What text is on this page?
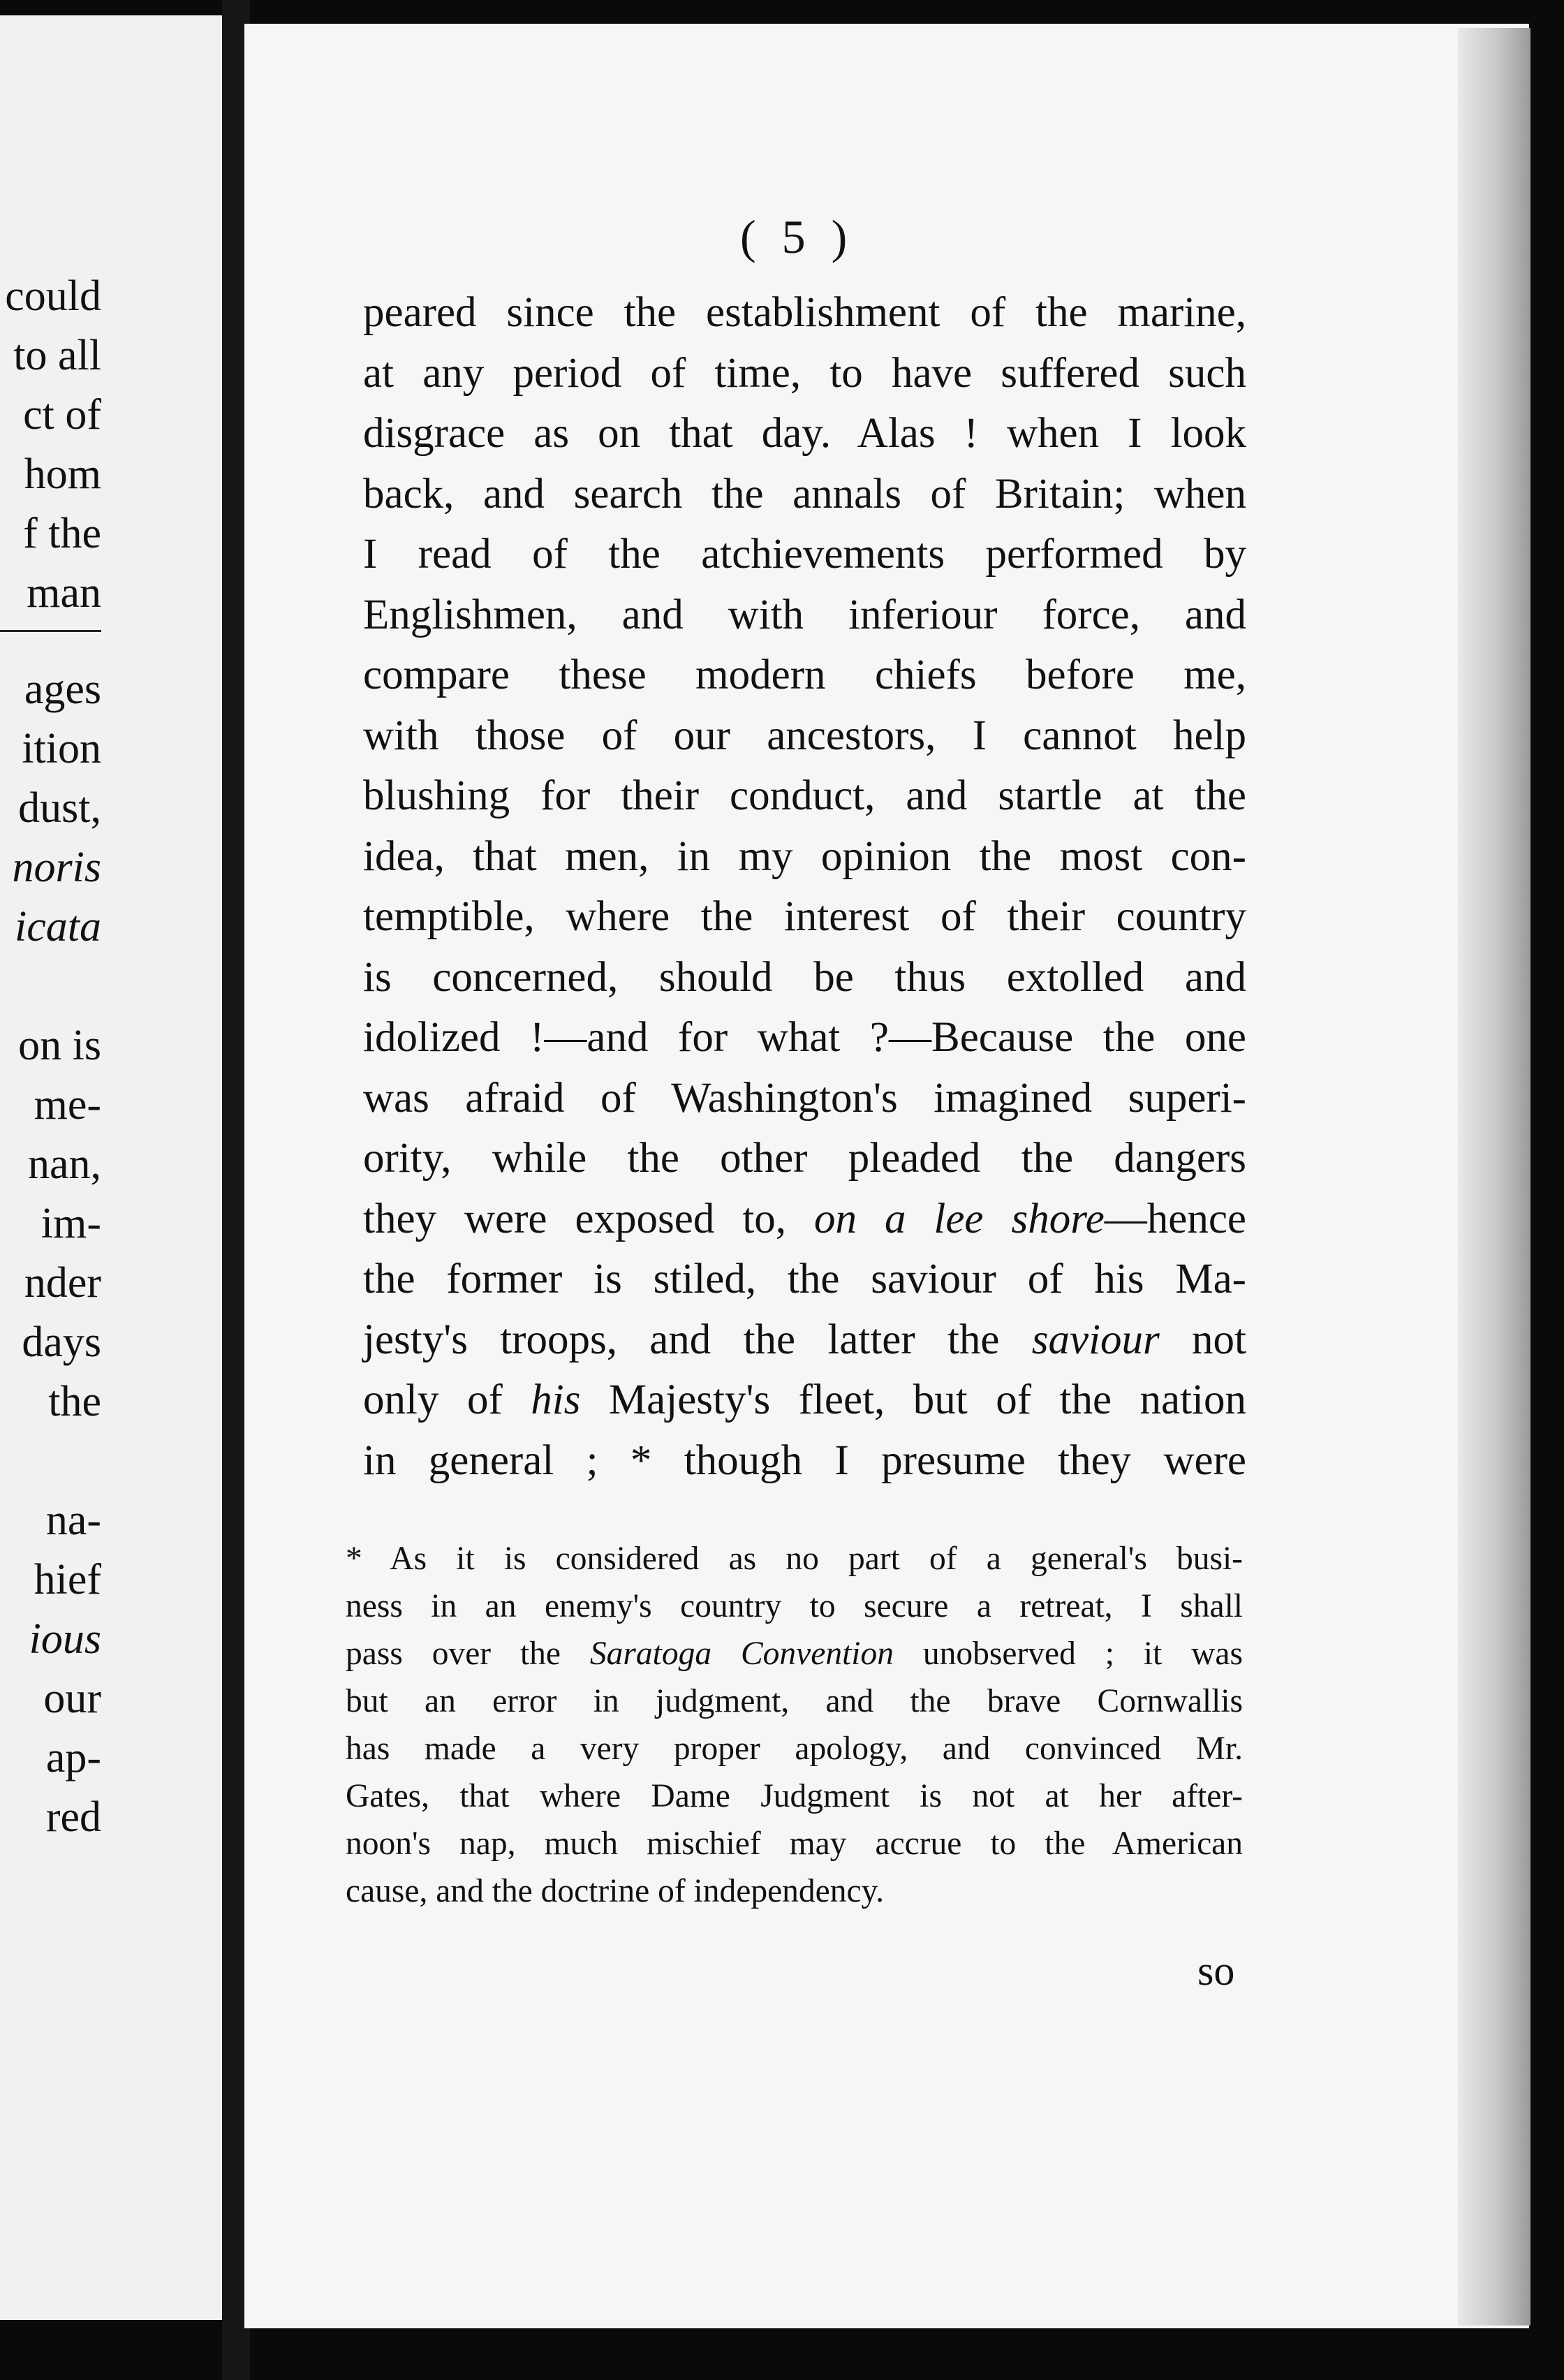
could
to all
ct of
hom
f the
man
ages
ition
dust,
noris
icata
on is
me-
nan,
im-
nder
days
the
na-
hief
ious
our
ap-
red
( 5 )
peared since the establishment of the marine,
at any period of time, to have suffered such
disgrace as on that day. Alas ! when I look
back, and search the annals of Britain; when
I read of the atchievements performed by
Englishmen, and with inferiour force, and
compare these modern chiefs before me,
with those of our ancestors, I cannot help
blushing for their conduct, and startle at the
idea, that men, in my opinion the most con-
temptible, where the interest of their country
is concerned, should be thus extolled and
idolized !—and for what ?—Because the one
was afraid of Washington's imagined superi-
ority, while the other pleaded the dangers
they were exposed to, on a lee shore—hence
the former is stiled, the saviour of his Ma-
jesty's troops, and the latter the saviour not
only of his Majesty's fleet, but of the nation
in general ; * though I presume they were
* As it is considered as no part of a general's busi-
ness in an enemy's country to secure a retreat, I shall
pass over the Saratoga Convention unobserved ; it was
but an error in judgment, and the brave Cornwallis
has made a very proper apology, and convinced Mr.
Gates, that where Dame Judgment is not at her after-
noon's nap, much mischief may accrue to the American
cause, and the doctrine of independency.
so
